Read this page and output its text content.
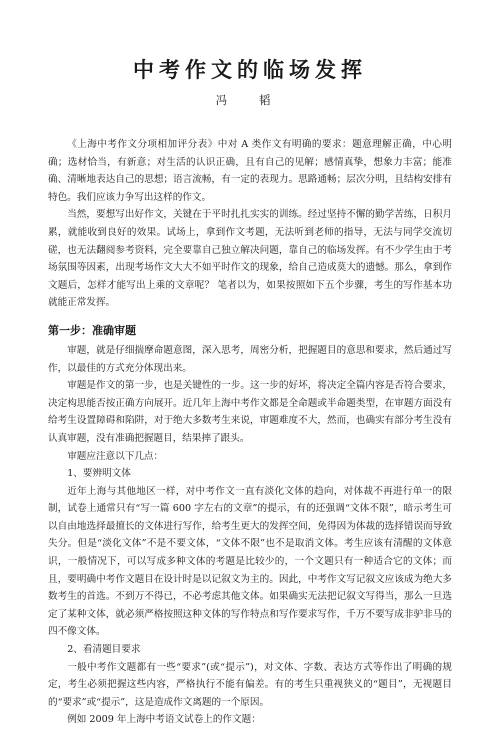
中考作文的临场发挥
冯 韬

《上海中考作文分项相加评分表》中对 A 类作文有明确的要求：题意理解正确，中心明确；选材恰当，有新意；对生活的认识正确，且有自己的见解；感情真挚，想象力丰富；能准确、清晰地表达自己的思想；语言流畅，有一定的表现力。思路通畅；层次分明，且结构安排有特色。我们应该力争写出这样的作文。

当然，要想写出好作文，关键在于平时扎扎实实的训练。经过坚持不懈的勤学苦练，日积月累，就能收到良好的效果。试场上，拿到作文考题，无法听到老师的指导，无法与同学交流切磋，也无法翻阅参考资料，完全要靠自己独立解决问题，靠自己的临场发挥。有不少学生由于考场氛围等因素，出现考场作文大大不如平时作文的现象，给自己造成莫大的遗憾。那么，拿到作文题后，怎样才能写出上乘的文章呢？ 笔者以为，如果按照如下五个步骤，考生的写作基本功就能正常发挥。

第一步：准确审题

审题，就是仔细揣摩命题意图，深入思考，周密分析，把握题目的意思和要求，然后通过写作，以最佳的方式充分体现出来。

审题是作文的第一步，也是关键性的一步。这一步的好坏，将决定全篇内容是否符合要求，决定构思能否按正确方向展开。近几年上海中考作文都是全命题或半命题类型，在审题方面没有给考生设置障碍和陷阱，对于绝大多数考生来说，审题难度不大，然而，也确实有部分考生没有认真审题，没有准确把握题目，结果摔了跟头。

审题应注意以下几点：

1、要辨明文体

近年上海与其他地区一样，对中考作文一直有淡化文体的趋向，对体裁不再进行单一的限制，试卷上通常只有“写一篇 600 字左右的文章”的提示，有的还强调“文体不限”，暗示考生可以自由地选择最擅长的文体进行写作，给考生更大的发挥空间，免得因为体裁的选择错误而导致失分。但是“淡化文体”不是不要文体，“文体不限”也不是取消文体。考生应该有清醒的文体意识，一般情况下，可以写成多种文体的考题是比较少的，一个文题只有一种适合它的文体；而且，要明确中考作文题目在设计时是以记叙文为主的。因此，中考作文写记叙文应该成为绝大多数考生的首选。不到万不得已，不必考虑其他文体。如果确实无法把记叙文写得当，那么一旦选定了某种文体，就必须严格按照这种文体的写作特点和写作要求写作，千万不要写成非驴非马的四不像文体。

2、看清题目要求

一般中考作文题都有一些“要求”(或“提示”)，对文体、字数、表达方式等作出了明确的规定，考生必须把握这些内容，严格执行不能有偏差。有的考生只重视狭义的“题目”，无视题目的“要求”或“提示”，这是造成作文离题的一个原因。

例如 2009 年上海中考语文试卷上的作文题：
